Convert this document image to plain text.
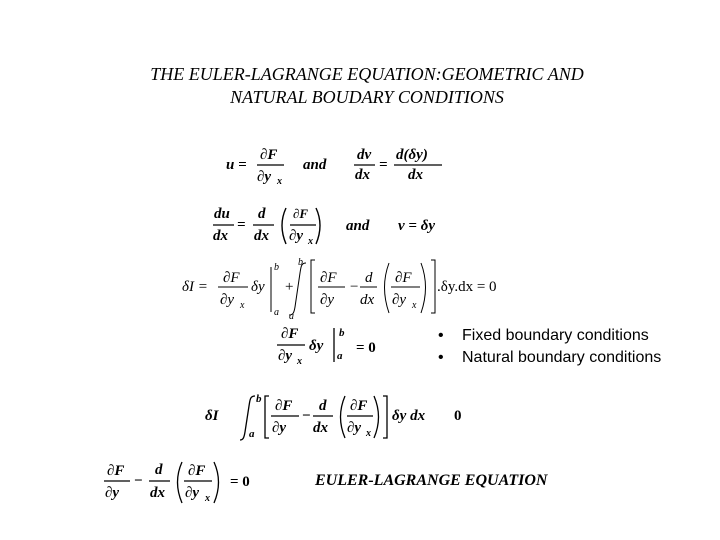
THE EULER-LAGRANGE EQUATION:GEOMETRIC AND
NATURAL BOUDARY CONDITIONS
u =
∂F
∂y x
and
dv
dx
=
d(δy)
dx
du
dx
=
d
dx
∂F
∂y x
and v = δy
δI =
∂F
∂y x
δy
b
a
+
b
a
∂F
∂y
−
d
dx
∂F
∂y x
.δy.dx = 0
∂F
∂y x
δy
b
a = 0
•	Fixed boundary conditions
•	Natural boundary conditions
δI
b
a
∂F
∂y
−
d
dx
∂F
∂y x
δy dx 0
∂F
∂y
−
d
dx
∂F
∂y x
= 0	EULER-LAGRANGE EQUATION
